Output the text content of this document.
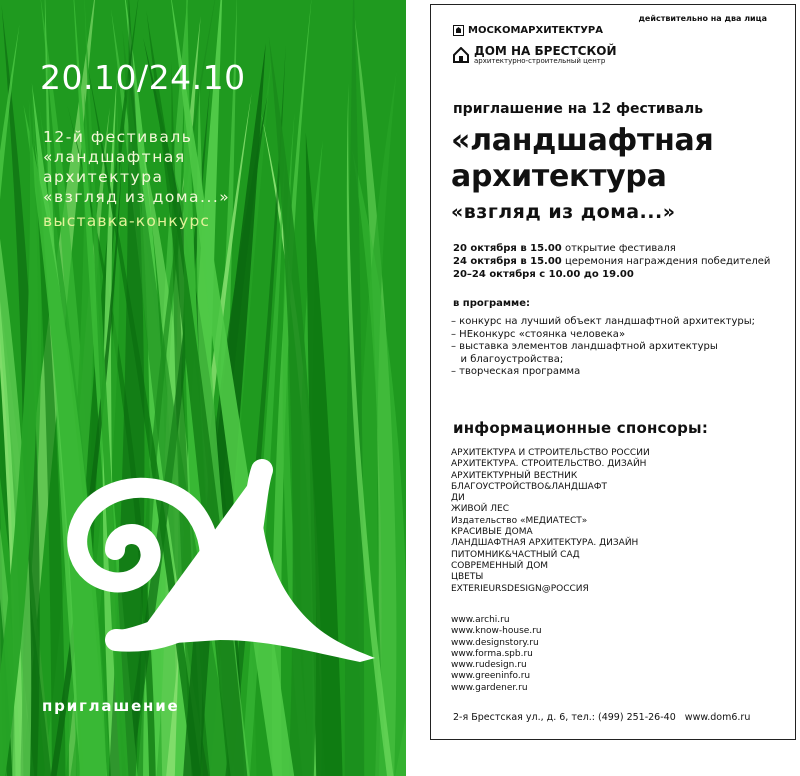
20.10/24.10
12-й фестиваль
«ландшафтная
архитектура
«взгляд из дома...»
выставка-конкурс
приглашение
действительно на два лица
МОСКОМАРХИТЕКТУРА
ДОМ НА БРЕСТСКОЙ
архитектурно-строительный центр
приглашение на 12 фестиваль
«ландшафтная
архитектура
«взгляд из дома...»
20 октября в 15.00 открытие фестиваля
24 октября в 15.00 церемония награждения победителей
20–24 октября с 10.00 до 19.00
в программе:
– конкурс на лучший объект ландшафтной архитектуры;
– НЕконкурс «стоянка человека»
– выставка элементов ландшафтной архитектуры
и благоустройства;
– творческая программа
информационные спонсоры:
АРХИТЕКТУРА И СТРОИТЕЛЬСТВО РОССИИ
АРХИТЕКТУРА. СТРОИТЕЛЬСТВО. ДИЗАЙН
АРХИТЕКТУРНЫЙ ВЕСТНИК
БЛАГОУСТРОЙСТВО&ЛАНДШАФТ
ДИ
ЖИВОЙ ЛЕС
Издательство «МЕДИАТЕСТ»
КРАСИВЫЕ ДОМА
ЛАНДШАФТНАЯ АРХИТЕКТУРА. ДИЗАЙН
ПИТОМНИК&ЧАСТНЫЙ САД
СОВРЕМЕННЫЙ ДОМ
ЦВЕТЫ
EXTERIEURSDESIGN@РОССИЯ
www.archi.ru
www.know-house.ru
www.designstory.ru
www.forma.spb.ru
www.rudesign.ru
www.greeninfo.ru
www.gardener.ru
2-я Брестская ул., д. 6, тел.: (499) 251-26-40   www.dom6.ru
